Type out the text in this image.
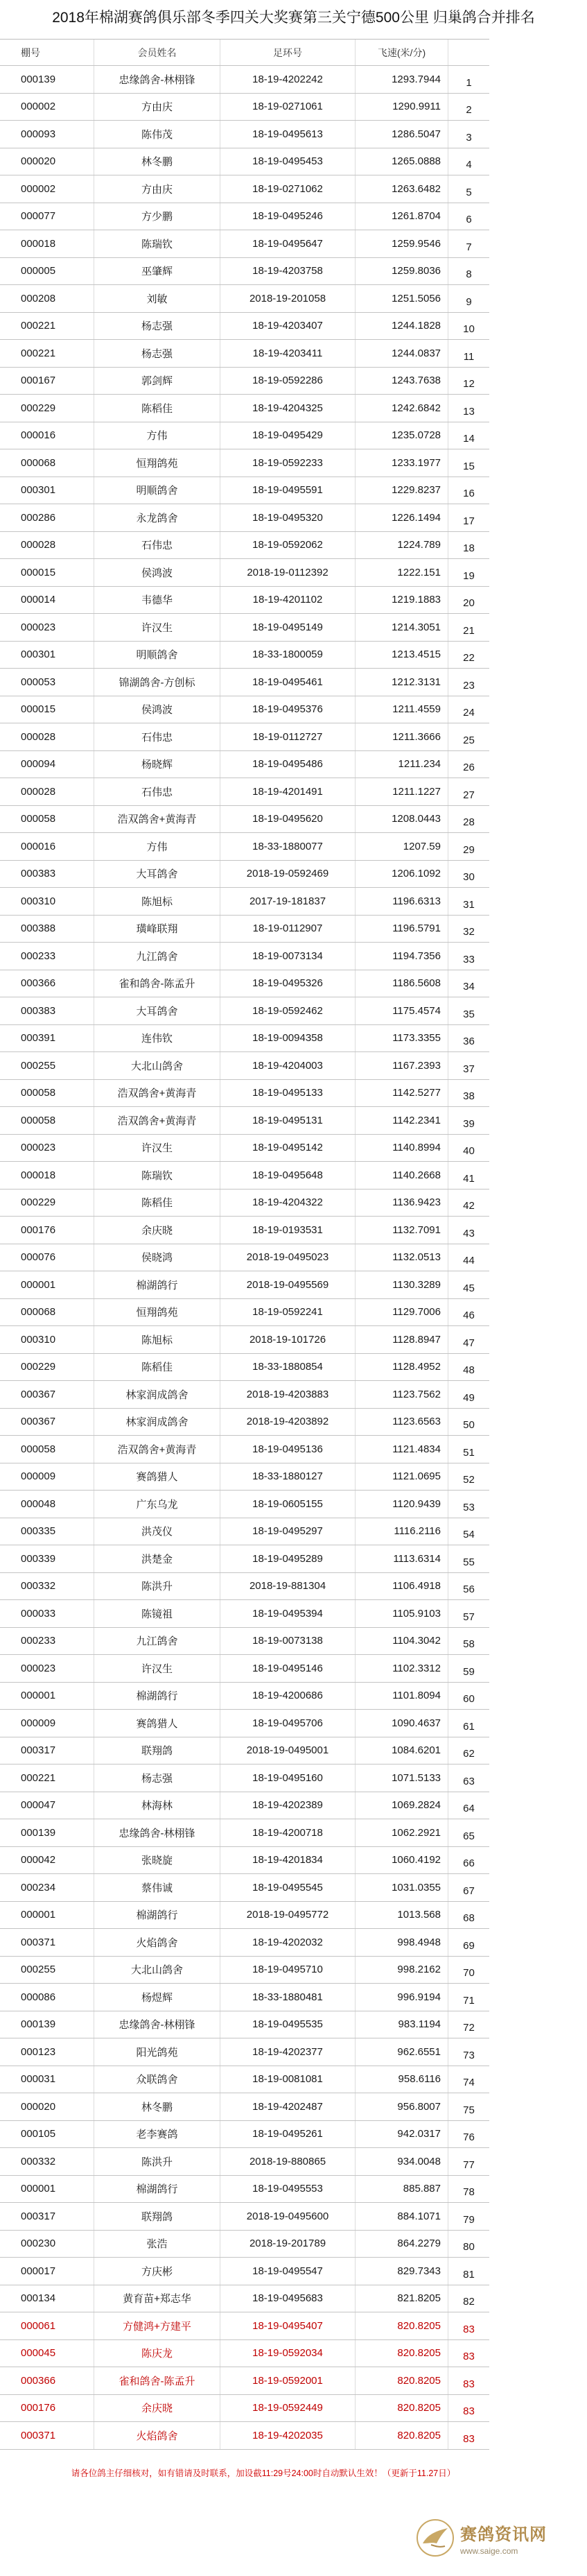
2018年棉湖赛鸽俱乐部冬季四关大奖赛第三关宁德500公里 归巢鸽合并排名
棚号	会员姓名	足环号	飞速(米/分)
000139	忠缘鸽舍-林栩锋	18-19-4202242	1293.7944	1
000002	方由庆	18-19-0271061	1290.9911	2
000093	陈伟茂	18-19-0495613	1286.5047	3
000020	林冬鹏	18-19-0495453	1265.0888	4
000002	方由庆	18-19-0271062	1263.6482	5
000077	方少鹏	18-19-0495246	1261.8704	6
000018	陈瑞钦	18-19-0495647	1259.9546	7
000005	巫肇辉	18-19-4203758	1259.8036	8
000208	刘敏	2018-19-201058	1251.5056	9
000221	杨志强	18-19-4203407	1244.1828	10
000221	杨志强	18-19-4203411	1244.0837	11
000167	郭剑辉	18-19-0592286	1243.7638	12
000229	陈稻佳	18-19-4204325	1242.6842	13
000016	方伟	18-19-0495429	1235.0728	14
000068	恒翔鸽苑	18-19-0592233	1233.1977	15
000301	明顺鸽舍	18-19-0495591	1229.8237	16
000286	永龙鸽舍	18-19-0495320	1226.1494	17
000028	石伟忠	18-19-0592062	1224.789	18
000015	侯鸿波	2018-19-0112392	1222.151	19
000014	韦德华	18-19-4201102	1219.1883	20
000023	许汉生	18-19-0495149	1214.3051	21
000301	明顺鸽舍	18-33-1800059	1213.4515	22
000053	锦湖鸽舍-方创标	18-19-0495461	1212.3131	23
000015	侯鸿波	18-19-0495376	1211.4559	24
000028	石伟忠	18-19-0112727	1211.3666	25
000094	杨晓辉	18-19-0495486	1211.234	26
000028	石伟忠	18-19-4201491	1211.1227	27
000058	浩双鸽舍+黄海青	18-19-0495620	1208.0443	28
000016	方伟	18-33-1880077	1207.59	29
000383	大耳鸽舍	2018-19-0592469	1206.1092	30
000310	陈旭标	2017-19-181837	1196.6313	31
000388	璜峰联翔	18-19-0112907	1196.5791	32
000233	九江鸽舍	18-19-0073134	1194.7356	33
000366	雀和鸽舍-陈孟升	18-19-0495326	1186.5608	34
000383	大耳鸽舍	18-19-0592462	1175.4574	35
000391	连伟钦	18-19-0094358	1173.3355	36
000255	大北山鸽舍	18-19-4204003	1167.2393	37
000058	浩双鸽舍+黄海青	18-19-0495133	1142.5277	38
000058	浩双鸽舍+黄海青	18-19-0495131	1142.2341	39
000023	许汉生	18-19-0495142	1140.8994	40
000018	陈瑞钦	18-19-0495648	1140.2668	41
000229	陈稻佳	18-19-4204322	1136.9423	42
000176	余庆晓	18-19-0193531	1132.7091	43
000076	侯晓鸿	2018-19-0495023	1132.0513	44
000001	棉湖鸽行	2018-19-0495569	1130.3289	45
000068	恒翔鸽苑	18-19-0592241	1129.7006	46
000310	陈旭标	2018-19-101726	1128.8947	47
000229	陈稻佳	18-33-1880854	1128.4952	48
000367	林家润成鸽舍	2018-19-4203883	1123.7562	49
000367	林家润成鸽舍	2018-19-4203892	1123.6563	50
000058	浩双鸽舍+黄海青	18-19-0495136	1121.4834	51
000009	赛鸽猎人	18-33-1880127	1121.0695	52
000048	广东乌龙	18-19-0605155	1120.9439	53
000335	洪茂仪	18-19-0495297	1116.2116	54
000339	洪楚金	18-19-0495289	1113.6314	55
000332	陈洪升	2018-19-881304	1106.4918	56
000033	陈镜祖	18-19-0495394	1105.9103	57
000233	九江鸽舍	18-19-0073138	1104.3042	58
000023	许汉生	18-19-0495146	1102.3312	59
000001	棉湖鸽行	18-19-4200686	1101.8094	60
000009	赛鸽猎人	18-19-0495706	1090.4637	61
000317	联翔鸽	2018-19-0495001	1084.6201	62
000221	杨志强	18-19-0495160	1071.5133	63
000047	林海林	18-19-4202389	1069.2824	64
000139	忠缘鸽舍-林栩锋	18-19-4200718	1062.2921	65
000042	张晓旋	18-19-4201834	1060.4192	66
000234	蔡伟诚	18-19-0495545	1031.0355	67
000001	棉湖鸽行	2018-19-0495772	1013.568	68
000371	火焰鸽舍	18-19-4202032	998.4948	69
000255	大北山鸽舍	18-19-0495710	998.2162	70
000086	杨煜辉	18-33-1880481	996.9194	71
000139	忠缘鸽舍-林栩锋	18-19-0495535	983.1194	72
000123	阳光鸽苑	18-19-4202377	962.6551	73
000031	众联鸽舍	18-19-0081081	958.6116	74
000020	林冬鹏	18-19-4202487	956.8007	75
000105	老李赛鸽	18-19-0495261	942.0317	76
000332	陈洪升	2018-19-880865	934.0048	77
000001	棉湖鸽行	18-19-0495553	885.887	78
000317	联翔鸽	2018-19-0495600	884.1071	79
000230	张浩	2018-19-201789	864.2279	80
000017	方庆彬	18-19-0495547	829.7343	81
000134	黄育苗+郑志华	18-19-0495683	821.8205	82
000061	方健鸿+方建平	18-19-0495407	820.8205	83
000045	陈庆龙	18-19-0592034	820.8205	83
000366	雀和鸽舍-陈孟升	18-19-0592001	820.8205	83
000176	余庆晓	18-19-0592449	820.8205	83
000371	火焰鸽舍	18-19-4202035	820.8205	83
请各位鸽主仔细核对，如有错请及时联系，加设截11:29号24:00时自动默认生效！（更新于11.27日）
赛鸽资讯网
www.saige.com
